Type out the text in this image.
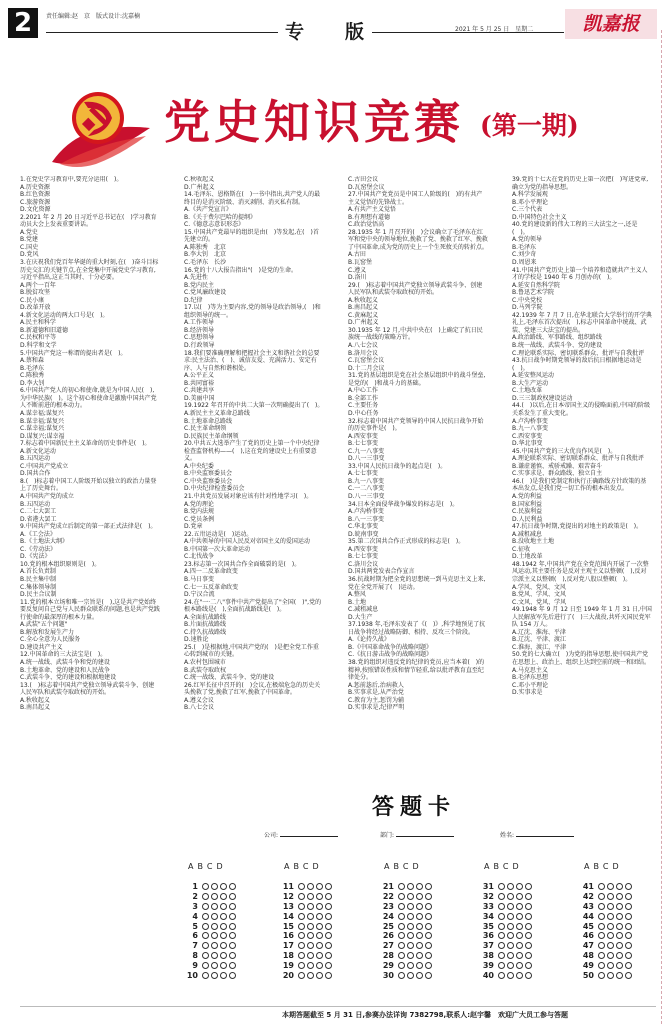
2	责任编辑:赵　京　版式设计:沈嘉楠
专 版	2021 年 5 月 25 日　星期二	凯嘉报
党史知识竞赛 (第一期)
1.在党史学习教育中,要充分运用(　)。
A.历史资源
B.红色资源
C.旅游资源
D.文化资源
2.2021 年 2 月 20 日习近平总书记在(　)学习教育动员大会上发表重要讲话。
A.党史
B.党建
C.国史
D.党风
3.在庆祝我们党百年华诞的重大时刻,在(　)奋斗目标历史交汇的关键节点,在全党集中开展党史学习教育,习近平指出,这正当其时、十分必要。
A.两个一百年
B.脱贫攻坚
C.民小康
D.改革开放
4.新文化运动的两大口号是(　)。
A.民主和科学
B.新道德和旧道德
C.民权和平等
D.科学和文学
5.中国共产党这一称谓的提出者是(　)。
A.蔡和森
B.毛泽东
C.陈独秀
D.李大钊
6.中国共产党人的初心和使命,就是为中国人民(　),为中华民族(　)。这个初心和使命是激励中国共产党人不断前进的根本动力。
A.谋幸福;谋复兴
B.谋幸福;谋复兴
C.谋幸福;谋复兴
D.谋复兴;谋幸福
7.标志着中国新民主主义革命的历史事件是(　)。
A.新文化运动
B.五四运动
C.中国共产党成立
D.国共合作
8.(　)标志着中国工人阶级开始以独立的政治力量登上了历史舞台。
A.中国共产党的成立
B.五四运动
C.二七大罢工
D.省港大罢工
9.中国共产党成立后制定的第一部正式法律是(　)。
A.《工会法》
B.《土地法大纲》
C.《劳动法》
D.《宪法》
10.党的根本组织原则是(　)。
A.首长负责制
B.民主集中制
C.集体领导制
D.民主合议制
11.党的根本立场和唯一宗旨是(　),这是共产党始终要反复问自己党与人民群众联系的问题,也是共产党践行使命的最深厚的根本力量。
A.武装"五个问题"
B.解放和发展生产力
C.全心全意为人民服务
D.建设共产主义
12.中国革命的三大法宝是(　)。
A.统一战线、武装斗争和党的建设
B.土地革命、党的建设和人民战争
C.武装斗争、党的建设和根据地建设
13.(　)标志着中国共产党独立领导武装斗争、创建人民军队和武装夺取政权的开始。
A.秋收起义
B.南昌起义
C.秋收起义
D.广州起义
14.毛泽东、恩格斯在(　)一书中指出,共产党人的最终目的是消灭阶级、消灭剥削、消灭私有制。
A.《共产党宣言》
B.《关于费尔巴哈的提纲》
C.《德意志意识形态》
15.中国共产党最早的组织是由(　)等发起,在(　)首先建立的。
A.陈独秀　北京
B.李大钊　北京
C.毛泽东　长沙
16.党的十八大报告指出"(　)是党的生命。
A.先进性
B.党内民主
C.党风廉政建设
D.纪律
17.以(　)等为主要内容,党的领导是政治领导,(　)和组织领导的统一。
A.工作领导
B.经济领导
C.思想领导
D.行政领导
18.我们要准确理解和把握社会主义和谐社会的总要求:民主法治、(　)、诚信友爱、充满活力、安定有序、人与自然和谐相处。
A.公平正义
B.共同富裕
C.共建共享
D.美丽中国
19.1922 年召开的中共二大第一次明确提出了(　)。
A.新民主主义革命总路线
B.土地革命总路线
C.民主革命纲领
D.民族民主革命纲领
20.中共五大选举产生了党的历史上第一个中央纪律检查监督机构——(　),这在党的建设史上有重要意义。
A.中央纪委
B.中央监察委员会
C.中央监察委员会
D.中央纪律检查委员会
21.中共党员发展对象应该有针对性地学习(　)。
A.党的理论
B.党内法规
C.党员条例
D.党章
22.五卅运动是(　)运动。
A.中共领导的中国人民反对帝国主义的爱国运动
B.中国第一次大革命运动
C.北伐战争
23.标志第一次国共合作全面破裂的是(　)。
A.四一二反革命政变
B.马日事变
C.七一五反革命政变
D.宁汉合流
24.在"一·二八"事件中共产党提出了"全国(　)",党的根本路线是(　),全面抗战路线是(　)。
A.全面抗战路线
B.片面抗战路线
C.持久抗战路线
D.速胜论
25.(　)是根据地,中国共产党的(　)是把全党工作重心转到城市的关键。
A.农村包围城市
B.武装夺取政权
C.统一战线、武装斗争、党的建设
26.红军长征中召开的(　)会议,在极端危急的历史关头挽救了党,挽救了红军,挽救了中国革命。
A.遵义会议
B.八七会议
C.古田会议
D.瓦窑堡会议
27.中国共产党党员是中国工人阶级的(　)的有共产主义觉悟的先锋战士。
A.有共产主义觉悟
B.有理想有道德
C.政治觉悟高
28.1935 年 1 月召开的(　)会议确立了毛泽东在红军和党中央的领导地位,挽救了党、挽救了红军、挽救了中国革命,成为党的历史上一个生死攸关的转折点。
A.古田
B.瓦窑堡
C.遵义
D.洛川
29.(　)标志着中国共产党独立领导武装斗争、创建人民军队和武装夺取政权的开始。
A.秋收起义
B.南昌起义
C.黄麻起义
D.广州起义
30.1935 年 12 月,中共中央在(　)上确定了抗日民族统一战线的策略方针。
A.八七会议
B.洛川会议
C.瓦窑堡会议
D.十二月会议
31.党的基层组织是党在社会基层组织中的战斗堡垒,是党的(　)和战斗力的基础。
A.中心工作
B.全部工作
C.主要任务
D.中心任务
32.标志着中国共产党领导的中国人民抗日战争开始的历史事件是(　)。
A.西安事变
B.七七事变
C.九一八事变
D.八一三事变
33.中国人民抗日战争的起点是(　)。
A.七七事变
B.九一八事变
C.一二八事变
D.八一三事变
34.日本全面侵华战争爆发的标志是(　)。
A.卢沟桥事变
B.八一三事变
C.华北事变
D.皖南事变
35.第二次国共合作正式形成的标志是(　)。
A.西安事变
B.七七事变
C.洛川会议
D.国共两党发表合作宣言
36.抗战时期为把全党的思想统一到马克思主义上来,党在全党开展了(　)运动。
A.整风
B.土地
C.减租减息
D.大生产
37.1938 年,毛泽东发表了《(　)》,科学地预见了抗日战争将经过战略防御、相持、反攻三个阶段。
A.《论持久战》
B.《中国革命战争的战略问题》
C.《抗日游击战争的战略问题》
38.党的组织对违反党的纪律的党员,应当本着(　)的精神,按照错误性质和情节轻重,给以批评教育直至纪律处分。
A.惩前毖后,治病救人
B.实事求是,从严治党
C.教育为主,惩罚为辅
D.实事求是,纪律严明
39.党的十七大在党的历史上第一次把(　)写进党章,确立为党的指导思想。
A.科学发展观
B.邓小平理论
C.三个代表
D.中国特色社会主义
40.党的建设新的伟大工程的三大法宝之一,还是(　)。
A.党的领导
B.毛泽东
C.刘少奇
D.周恩来
41.中国共产党历史上第一个培养和造就共产主义人才的学校是 1940 年 6 月创办的(　)。
A.延安自然科学院
B.鲁迅艺术学院
C.中央党校
D.马列学院
42.1939 年 7 月 7 日,在华北联合大学举行的开学典礼上,毛泽东首次提出(　),标志中国革命中统战、武装、党建三大法宝的提出。
A.政治路线、军事路线、组织路线
B.统一战线、武装斗争、党的建设
C.理论联系实际、密切联系群众、批评与自我批评
43.抗日战争时期党领导的敌后抗日根据地运动是(　)。
A.延安整风运动
B.大生产运动
C.土地改革
D.三三制政权建设运动
44.(　)以后,在日本帝国主义的侵略面前,中国的阶级关系发生了重大变化。
A.卢沟桥事变
B.九一八事变
C.西安事变
D.华北事变
45.中国共产党的三大优良作风是(　)。
A.理论联系实际、密切联系群众、批评与自我批评
B.谦虚谨慎、戒骄戒躁、艰苦奋斗
C.实事求是、群众路线、独立自主
46.(　)是我们党制定和执行正确路线方针政策的基本出发点,是我们党一切工作的根本出发点。
A.党的利益
B.国家利益
C.民族利益
D.人民利益
47.抗日战争时期,党提出的对地主的政策是(　)。
A.减租减息
B.没收地主土地
C.征收
D.土地改革
48.1942 年,中国共产党在全党范围内开展了一次整风运动,其主要任务是反对主观主义以整顿(　),反对宗派主义以整顿(　),反对党八股以整顿(　)。
A.学风、党风、文风
B.党风、学风、文风
C.文风、党风、学风
49.1948 年 9 月 12 日至 1949 年 1 月 31 日,中国人民解放军先后进行了(　)三大战役,共歼灭国民党军队 154 万人。
A.辽沈、淮海、平津
B.辽沈、平津、渡江
C.淮海、渡江、平津
50.党的七大确立(　)为党的指导思想,使中国共产党在思想上、政治上、组织上达到空前的统一和团结。
A.马克思主义
B.毛泽东思想
C.邓小平理论
D.实事求是
答题卡
公司:	部门:	姓名:
ABCD
1
2
3
4
5
6
7
8
9
10
ABCD
11
12
13
14
15
16
17
18
19
20
ABCD
21
22
23
24
25
26
27
28
29
30
ABCD
31
32
33
34
35
36
37
38
39
40
ABCD
41
42
43
44
45
46
47
48
49
50
本期答题截至 5 月 31 日,参赛办法详询 7382798,联系人:赵宇馨　欢迎广大员工参与答题
